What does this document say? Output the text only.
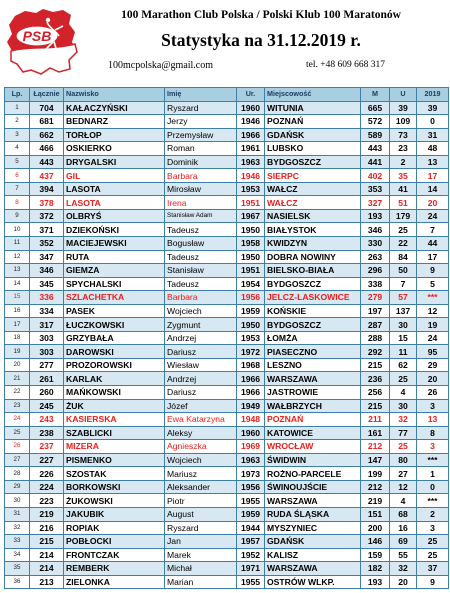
PSB
100 Marathon Club Polska / Polski Klub 100 Maratonów
Statystyka na 31.12.2019 r.
100mcpolska@gmail.com	tel. +48 609 668 317
Lp.	Łącznie	Nazwisko	Imię	Ur.	Miejscowość	M	U	2019
1	704	KAŁACZYŃSKI	Ryszard	1960	WITUNIA	665	39	39
2	681	BEDNARZ	Jerzy	1946	POZNAŃ	572	109	0
3	662	TORŁOP	Przemysław	1966	GDAŃSK	589	73	31
4	466	OSKIERKO	Roman	1961	LUBSKO	443	23	48
5	443	DRYGALSKI	Dominik	1963	BYDGOSZCZ	441	2	13
6	437	GIL	Barbara	1946	SIERPC	402	35	17
7	394	LASOTA	Mirosław	1953	WAŁCZ	353	41	14
8	378	LASOTA	Irena	1951	WAŁCZ	327	51	20
9	372	OLBRYŚ	Stanisław Adam	1967	NASIELSK	193	179	24
10	371	DZIEKOŃSKI	Tadeusz	1950	BIAŁYSTOK	346	25	7
11	352	MACIEJEWSKI	Bogusław	1958	KWIDZYN	330	22	44
12	347	RUTA	Tadeusz	1950	DOBRA NOWINY	263	84	17
13	346	GIEMZA	Stanisław	1951	BIELSKO-BIAŁA	296	50	9
14	345	SPYCHALSKI	Tadeusz	1954	BYDGOSZCZ	338	7	5
15	336	SZLACHETKA	Barbara	1956	JELCZ-LASKOWICE	279	57	***
16	334	PASEK	Wojciech	1959	KOŃSKIE	197	137	12
17	317	ŁUCZKOWSKI	Zygmunt	1950	BYDGOSZCZ	287	30	19
18	303	GRZYBAŁA	Andrzej	1953	ŁOMŻA	288	15	24
19	303	DAROWSKI	Dariusz	1972	PIASECZNO	292	11	95
20	277	PROZOROWSKI	Wiesław	1968	LESZNO	215	62	29
21	261	KARLAK	Andrzej	1966	WARSZAWA	236	25	20
22	260	MAŃKOWSKI	Dariusz	1966	JASTROWIE	256	4	26
23	245	ŻUK	Józef	1949	WAŁBRZYCH	215	30	3
24	243	KASIERSKA	Ewa Katarzyna	1948	POZNAŃ	211	32	13
25	238	SZABLICKI	Aleksy	1960	KATOWICE	161	77	8
26	237	MIZERA	Agnieszka	1969	WROCŁAW	212	25	3
27	227	PISMENKO	Wojciech	1963	ŚWIDWIN	147	80	***
28	226	SZOSTAK	Mariusz	1973	ROŻNO-PARCELE	199	27	1
29	224	BORKOWSKI	Aleksander	1956	ŚWINOUJŚCIE	212	12	0
30	223	ŻUKOWSKI	Piotr	1955	WARSZAWA	219	4	***
31	219	JAKUBIK	August	1959	RUDA ŚLĄSKA	151	68	2
32	216	ROPIAK	Ryszard	1944	MYSZYNIEC	200	16	3
33	215	POBŁOCKI	Jan	1957	GDAŃSK	146	69	25
34	214	FRONTCZAK	Marek	1952	KALISZ	159	55	25
35	214	REMBERK	Michał	1971	WARSZAWA	182	32	37
36	213	ZIELONKA	Marian	1955	OSTRÓW WLKP.	193	20	9
